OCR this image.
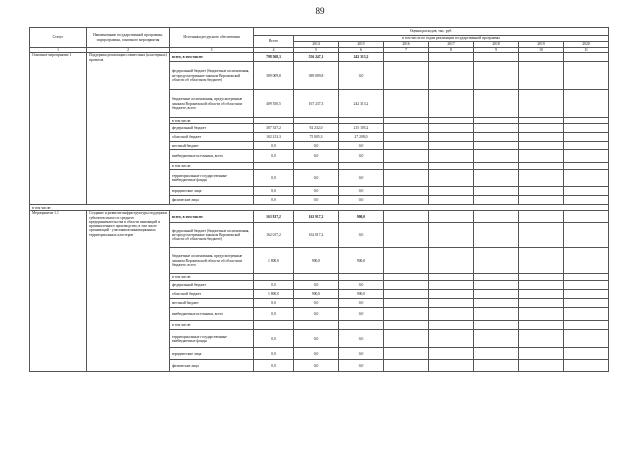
89
Статус	Наименование государственной программы, подпрограммы, основного мероприятия	Источники ресурсного обеспечения	Оценка расходов, тыс. руб.							
			Всего	в том числе по годам реализации государственной программы						
				2014	2015	2016	2017	2018	2019	2020
1	2	3	4	5	6	7	8	9	10	11
Основное мероприятие 1	Поддержка реализации совместных (кластерных) проектов	всего, в том числе:	798 568,3	556 247,1	242 313,2					
		федеральный бюджет (бюджетные ассигнования, не предусмотренные законом Воронежской области об областном бюджете)	389 009,8	389 009,8	0,0					
		бюджетные ассигнования, предусмотренные законом Воронежской области об областном бюджете, всего	409 550,5	167 237,3	242 313,2					
		в том числе:								
		федеральный бюджет	307 337,2	92 232,0	215 105,2					
		областной бюджет	102 213,3	75 005,3	27 208,0					
		местный бюджет	0,0	0,0	0,0					
		внебюджетные источники, всего	0,0	0,0	0,0					
		в том числе:								
		территориальные государственные внебюджетные фонды	0,0	0,0	0,0					
		юридические лица	0,0	0,0	0,0					
		физические лица	0,0	0,0	0,0					
в том числе:										
Мероприятие 1.1	Создание и развитие инфраструктуры поддержки субъектов малого и среднего предпринимательства в области инноваций и промышленного производства, в том числе организаций - участников инновационных территориальных кластеров	всего, в том числе:	163 817,2	162 917,2	900,0					
		федеральный бюджет (бюджетные ассигнования, не предусмотренные законом Воронежской области об областном бюджете)	162 017,2	162 017,2	0,0					
		бюджетные ассигнования, предусмотренные законом Воронежской области об областном бюджете, всего	1 800,0	900,0	900,0					
		в том числе:								
		федеральный бюджет	0,0	0,0	0,0					
		областной бюджет	1 800,0	900,0	900,0					
		местный бюджет	0,0	0,0	0,0					
		внебюджетные источники, всего	0,0	0,0	0,0					
		в том числе:								
		территориальные государственные внебюджетные фонды	0,0	0,0	0,0					
		юридические лица	0,0	0,0	0,0					
		физические лица	0,0	0,0	0,0					
